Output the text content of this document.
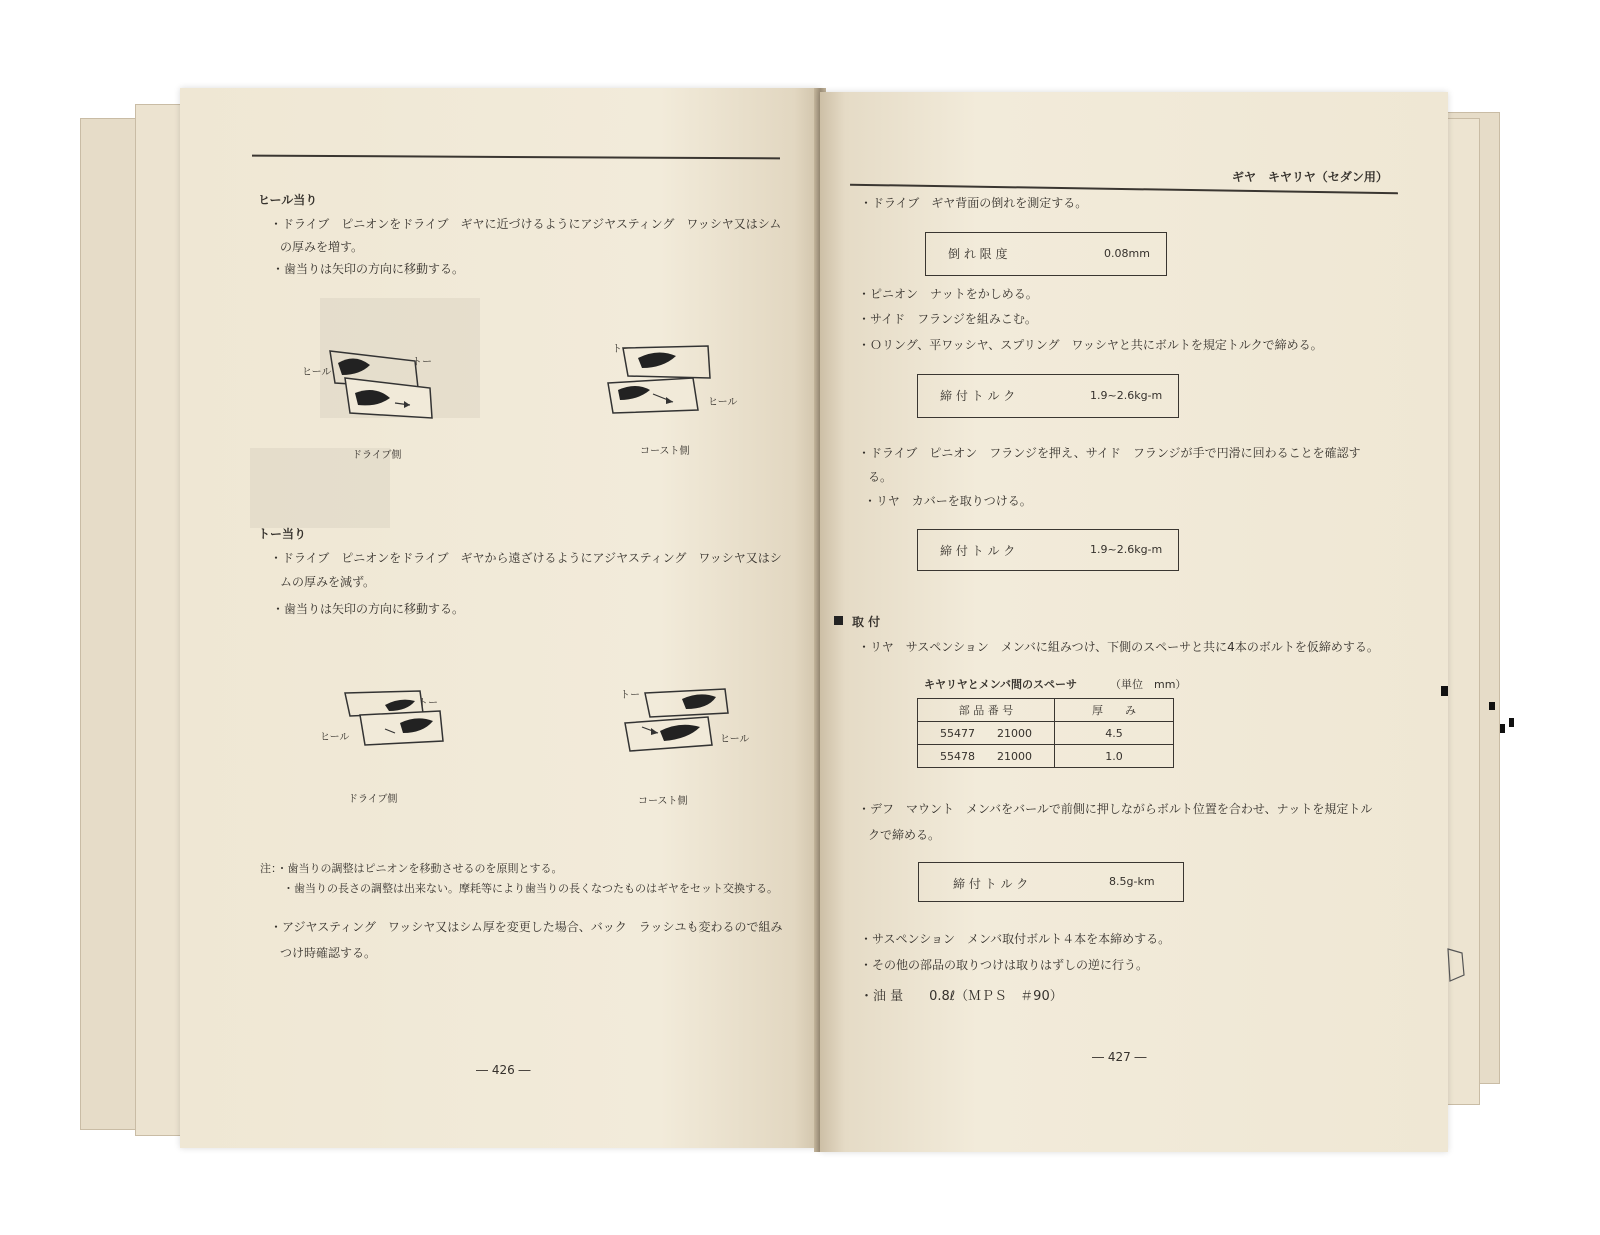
ヒール当り
・ドライブ　ピニオンをドライブ　ギヤに近づけるようにアジヤスティング　ワッシヤ又はシム
の厚みを増す。
・歯当りは矢印の方向に移動する。
ヒール
トー
ドライブ側
トー
ヒール
コースト側
トー当り
・ドライブ　ピニオンをドライブ　ギヤから遠ざけるようにアジヤスティング　ワッシヤ又はシ
ムの厚みを減ず。
・歯当りは矢印の方向に移動する。
トー
ヒール
ドライブ側
トー
ヒール
コースト側
注：・歯当りの調整はピニオンを移動させるのを原則とする。
・歯当りの長さの調整は出来ない。摩耗等により歯当りの長くなつたものはギヤをセット交換する。
・アジヤスティング　ワッシヤ又はシム厚を変更した場合、バック　ラッシユも変わるので組み
つけ時確認する。
― 426 ―
ギヤ　キヤリヤ（セダン用）
・ドライブ　ギヤ背面の倒れを測定する。
倒 れ 限 度	0.08mm
・ピニオン　ナットをかしめる。
・サイド　フランジを組みこむ。
・Ｏリング、平ワッシヤ、スプリング　ワッシヤと共にボルトを規定トルクで締める。
締 付 ト ル ク	1.9~2.6kg-m
・ドライブ　ピニオン　フランジを押え、サイド　フランジが手で円滑に回わることを確認す
る。
・リヤ　カバーを取りつける。
締 付 ト ル ク	1.9~2.6kg-m
取 付
・リヤ　サスペンション　メンバに組みつけ、下側のスペーサと共に4本のボルトを仮締めする。
キヤリヤとメンバ間のスペーサ	（単位　mm）
部 品 番 号	厚　　み
55477　　21000	4.5
55478　　21000	1.0
・デフ　マウント　メンバをバールで前側に押しながらボルト位置を合わせ、ナットを規定トル
クで締める。
締 付 ト ル ク	8.5g-km
・サスペンション　メンバ取付ボルト４本を本締めする。
・その他の部品の取りつけは取りはずしの逆に行う。
・油 量　　0.8ℓ（ＭＰＳ　＃90）
― 427 ―
